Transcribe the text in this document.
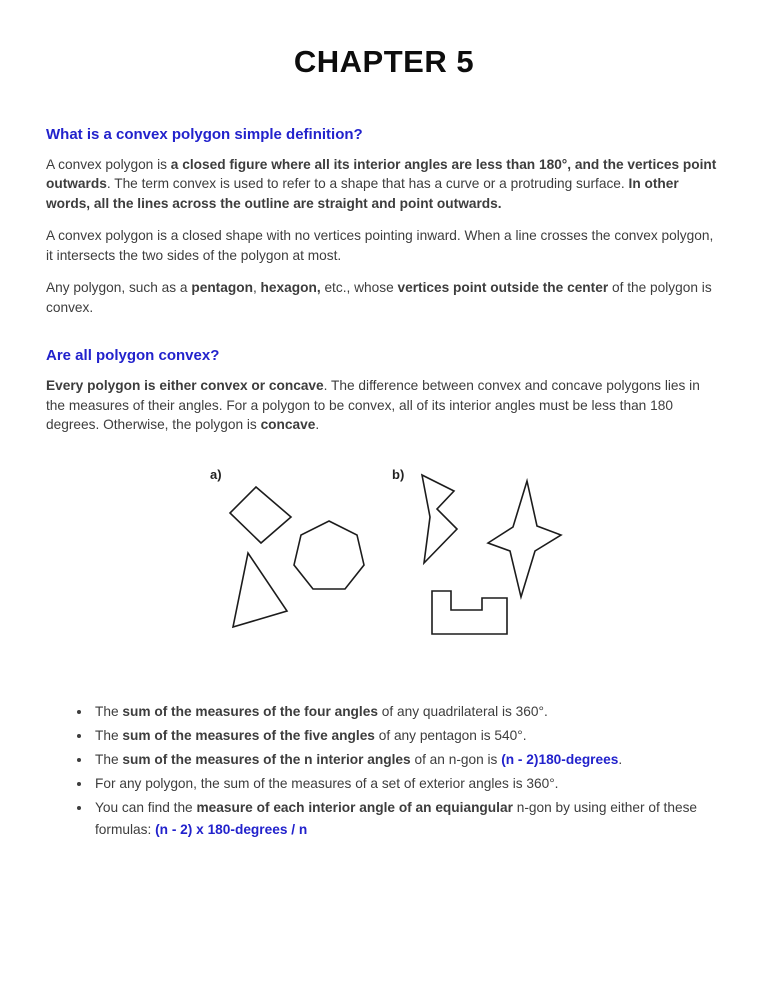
CHAPTER 5
What is a convex polygon simple definition?

A convex polygon is a closed figure where all its interior angles are less than 180°, and the vertices point outwards. The term convex is used to refer to a shape that has a curve or a protruding surface. In other words, all the lines across the outline are straight and point outwards.

A convex polygon is a closed shape with no vertices pointing inward. When a line crosses the convex polygon, it intersects the two sides of the polygon at most.

Any polygon, such as a pentagon, hexagon, etc., whose vertices point outside the center of the polygon is convex.

Are all polygon convex?

Every polygon is either convex or concave. The difference between convex and concave polygons lies in the measures of their angles. For a polygon to be convex, all of its interior angles must be less than 180 degrees. Otherwise, the polygon is concave.

a)	b)
• The sum of the measures of the four angles of any quadrilateral is 360°.
• The sum of the measures of the five angles of any pentagon is 540°.
• The sum of the measures of the n interior angles of an n-gon is (n - 2)180-degrees.
• For any polygon, the sum of the measures of a set of exterior angles is 360°.
• You can find the measure of each interior angle of an equiangular n-gon by using either of these formulas: (n - 2) x 180-degrees / n
